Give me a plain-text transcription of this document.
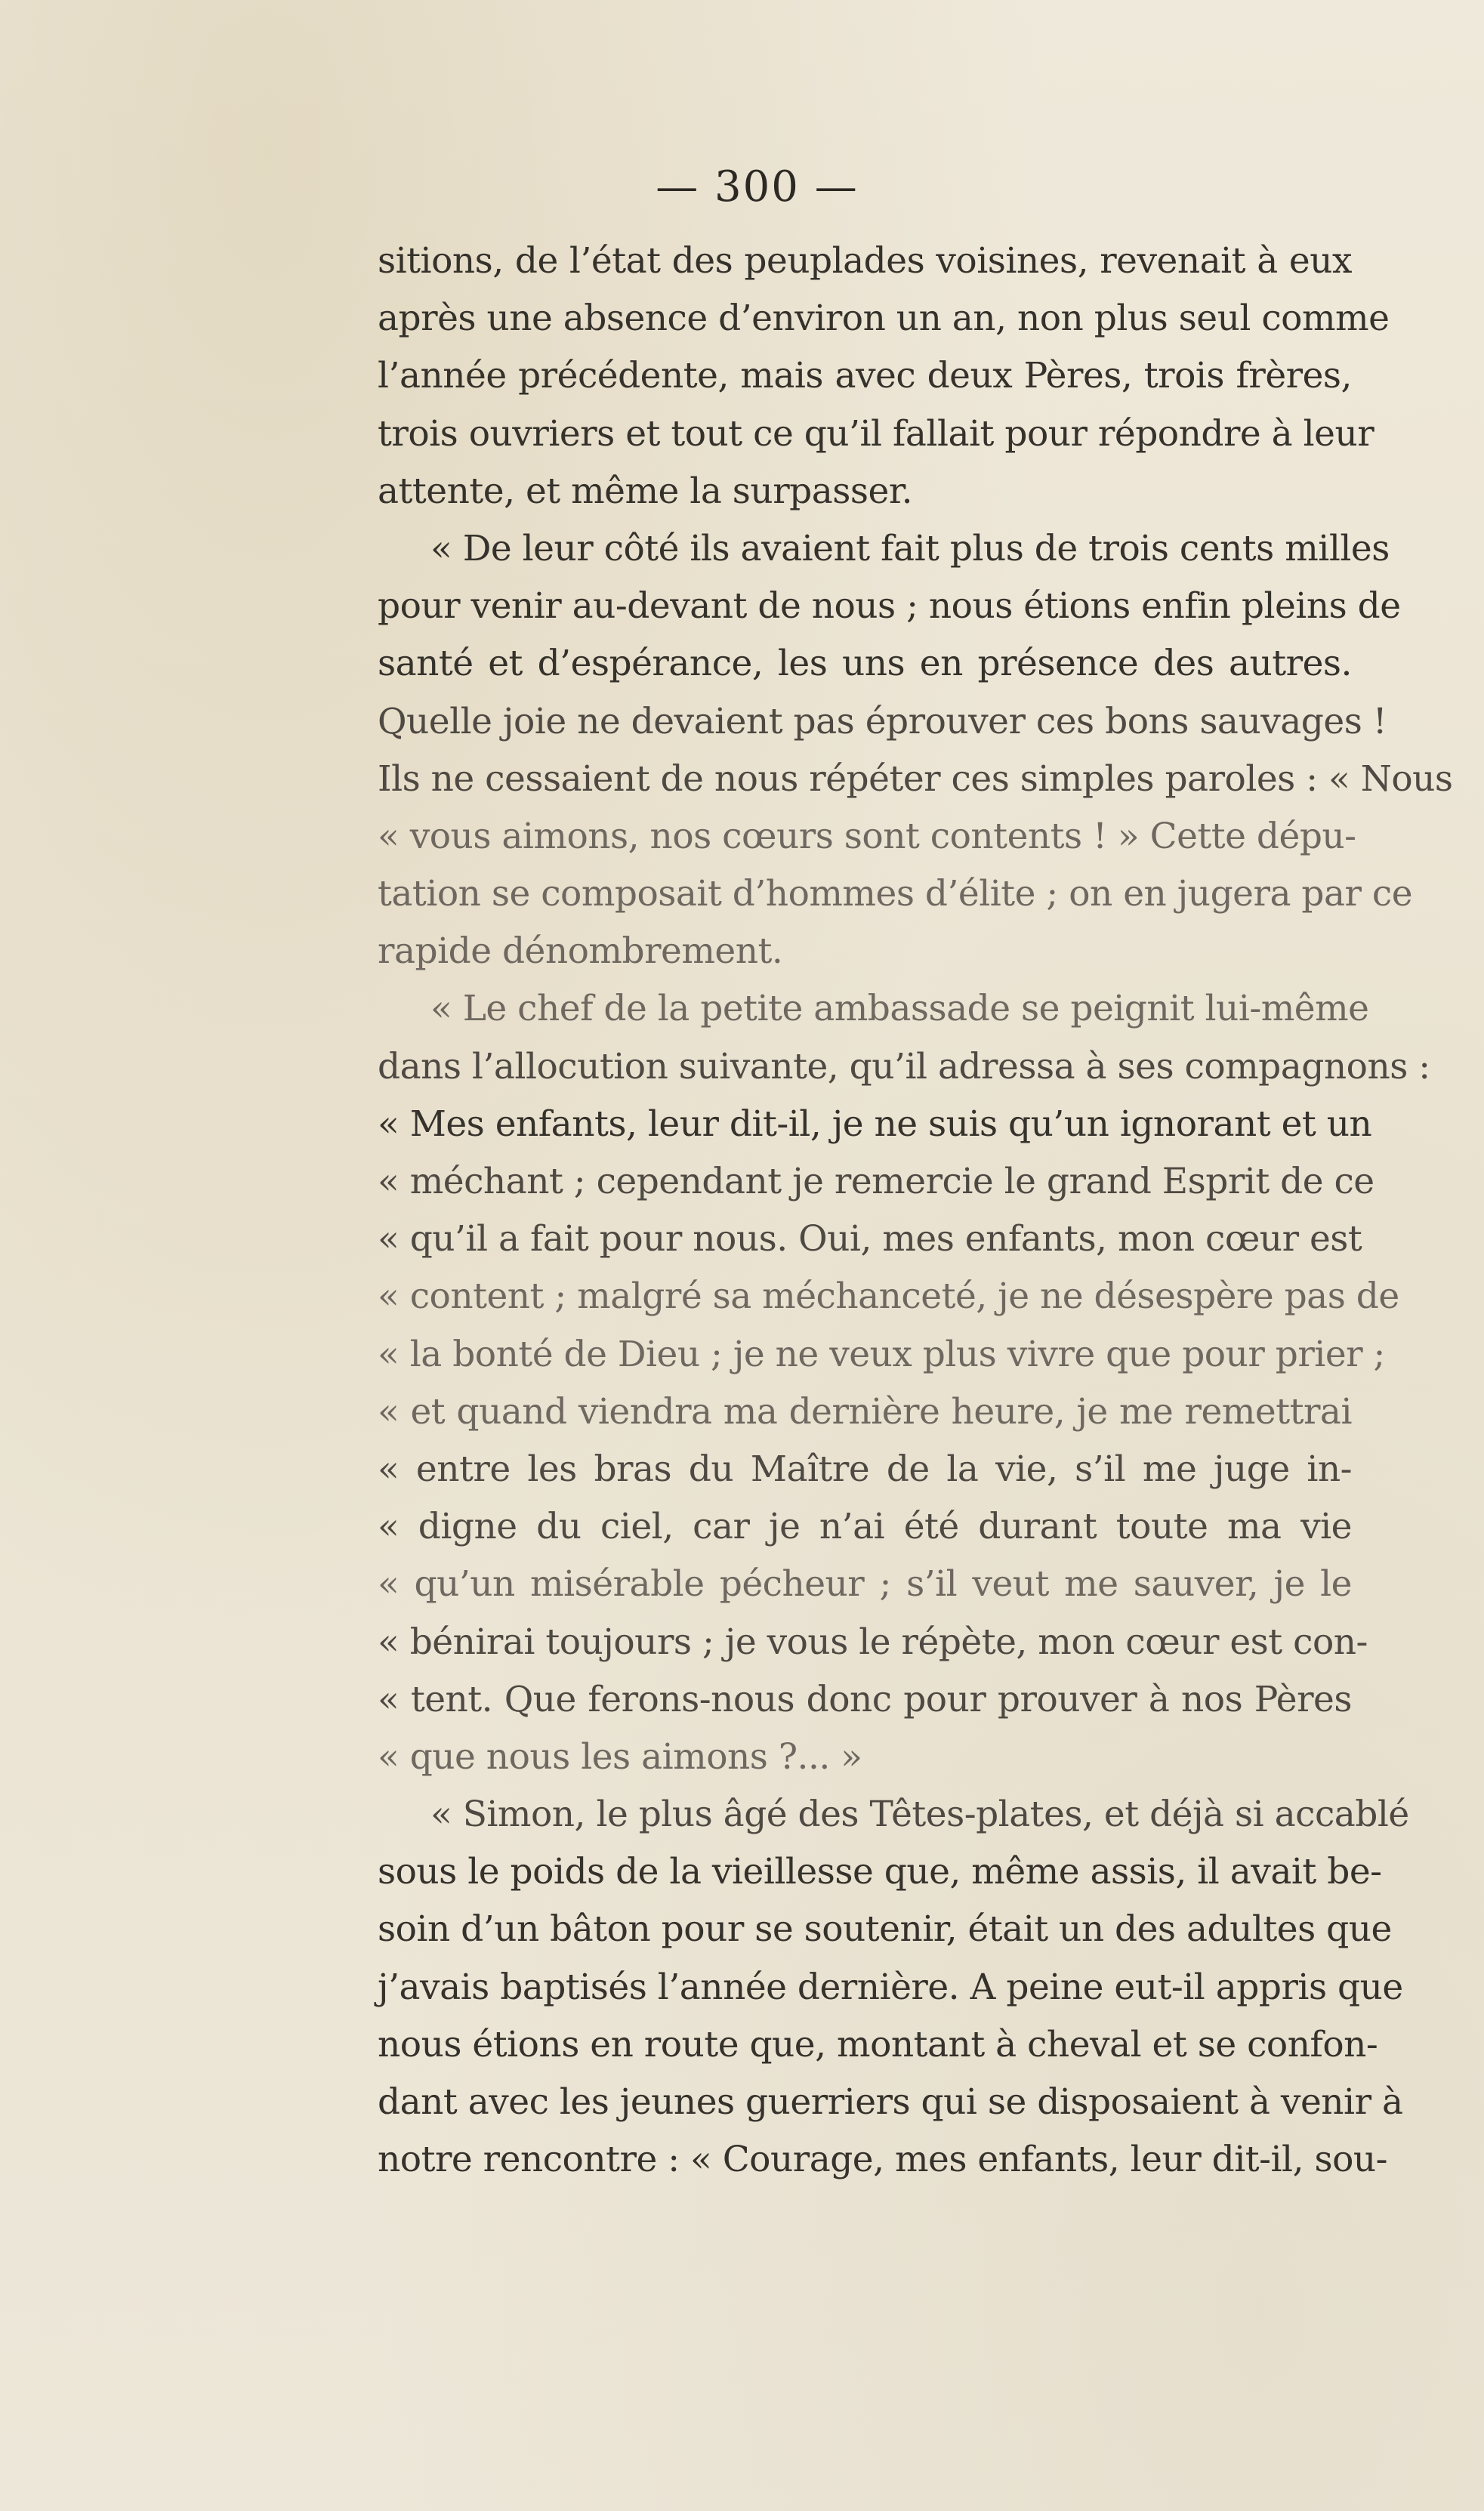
— 300 —
sitions, de l’état des peuplades voisines, revenait à eux
après une absence d’environ un an, non plus seul comme
l’année précédente, mais avec deux Pères, trois frères,
trois ouvriers et tout ce qu’il fallait pour répondre à leur
attente, et même la surpasser.
« De leur côté ils avaient fait plus de trois cents milles
pour venir au-devant de nous ; nous étions enfin pleins de
santé et d’espérance, les uns en présence des autres.
Quelle joie ne devaient pas éprouver ces bons sauvages !
Ils ne cessaient de nous répéter ces simples paroles : « Nous
« vous aimons, nos cœurs sont contents ! » Cette dépu-
tation se composait d’hommes d’élite ; on en jugera par ce
rapide dénombrement.
« Le chef de la petite ambassade se peignit lui-même
dans l’allocution suivante, qu’il adressa à ses compagnons :
« Mes enfants, leur dit-il, je ne suis qu’un ignorant et un
« méchant ; cependant je remercie le grand Esprit de ce
« qu’il a fait pour nous. Oui, mes enfants, mon cœur est
« content ; malgré sa méchanceté, je ne désespère pas de
« la bonté de Dieu ; je ne veux plus vivre que pour prier ;
« et quand viendra ma dernière heure, je me remettrai
« entre les bras du Maître de la vie, s’il me juge in-
« digne du ciel, car je n’ai été durant toute ma vie
« qu’un misérable pécheur ; s’il veut me sauver, je le
« bénirai toujours ; je vous le répète, mon cœur est con-
« tent. Que ferons-nous donc pour prouver à nos Pères
« que nous les aimons ?... »
« Simon, le plus âgé des Têtes-plates, et déjà si accablé
sous le poids de la vieillesse que, même assis, il avait be-
soin d’un bâton pour se soutenir, était un des adultes que
j’avais baptisés l’année dernière. A peine eut-il appris que
nous étions en route que, montant à cheval et se confon-
dant avec les jeunes guerriers qui se disposaient à venir à
notre rencontre : « Courage, mes enfants, leur dit-il, sou-
